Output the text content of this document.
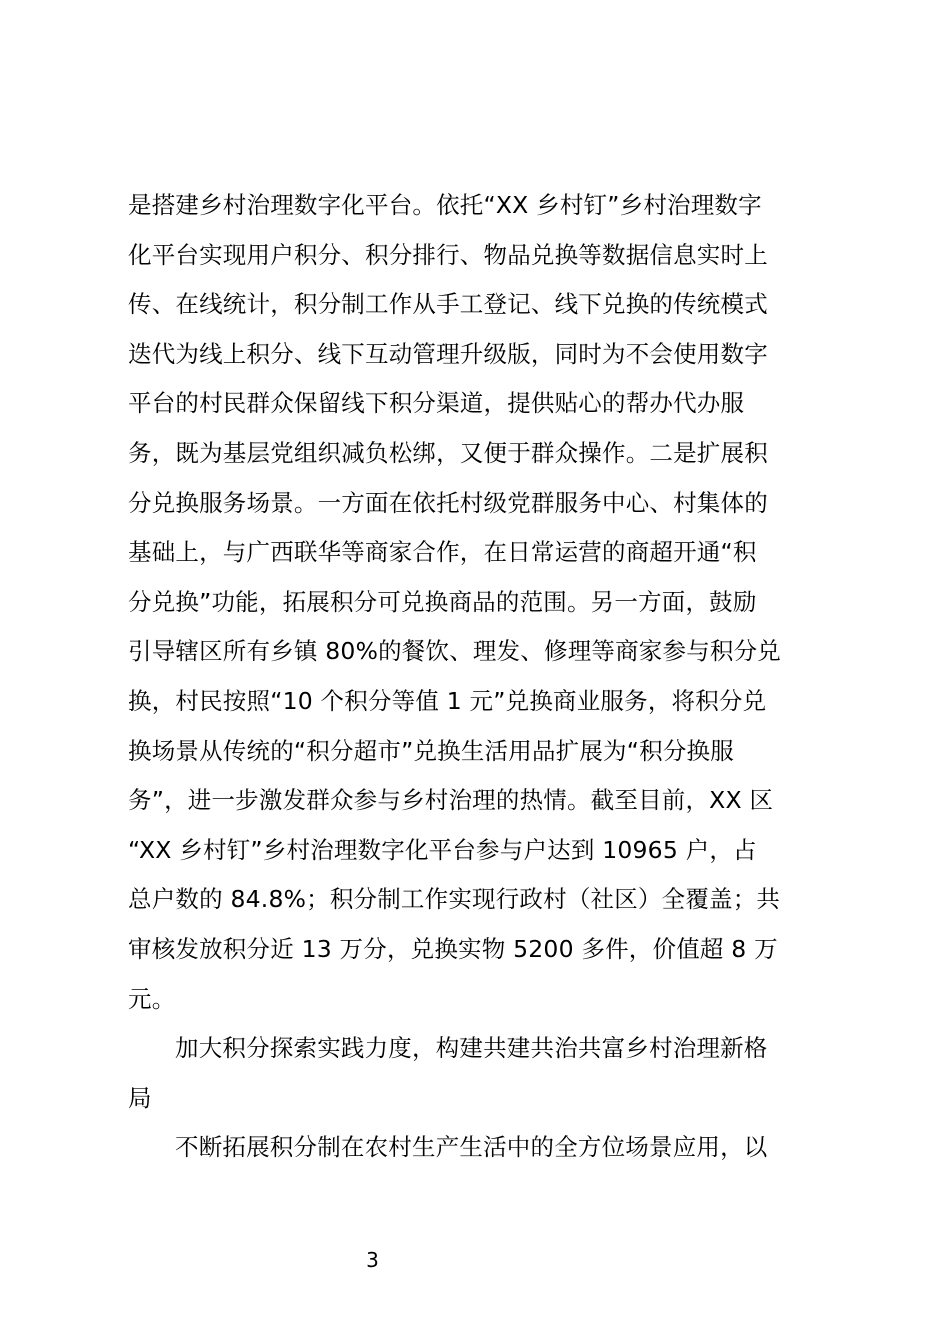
是搭建乡村治理数字化平台。依托“XX 乡村钉”乡村治理数字
化平台实现用户积分、积分排行、物品兑换等数据信息实时上
传、在线统计，积分制工作从手工登记、线下兑换的传统模式
迭代为线上积分、线下互动管理升级版，同时为不会使用数字
平台的村民群众保留线下积分渠道，提供贴心的帮办代办服
务，既为基层党组织减负松绑，又便于群众操作。二是扩展积
分兑换服务场景。一方面在依托村级党群服务中心、村集体的
基础上，与广西联华等商家合作，在日常运营的商超开通“积
分兑换”功能，拓展积分可兑换商品的范围。另一方面，鼓励
引导辖区所有乡镇 80%的餐饮、理发、修理等商家参与积分兑
换，村民按照“10 个积分等值 1 元”兑换商业服务，将积分兑
换场景从传统的“积分超市”兑换生活用品扩展为“积分换服
务”，进一步激发群众参与乡村治理的热情。截至目前，XX 区
“XX 乡村钉”乡村治理数字化平台参与户达到 10965 户，占
总户数的 84.8%；积分制工作实现行政村（社区）全覆盖；共
审核发放积分近 13 万分，兑换实物 5200 多件，价值超 8 万
元。
加大积分探索实践力度，构建共建共治共富乡村治理新格
局
不断拓展积分制在农村生产生活中的全方位场景应用，以
3
